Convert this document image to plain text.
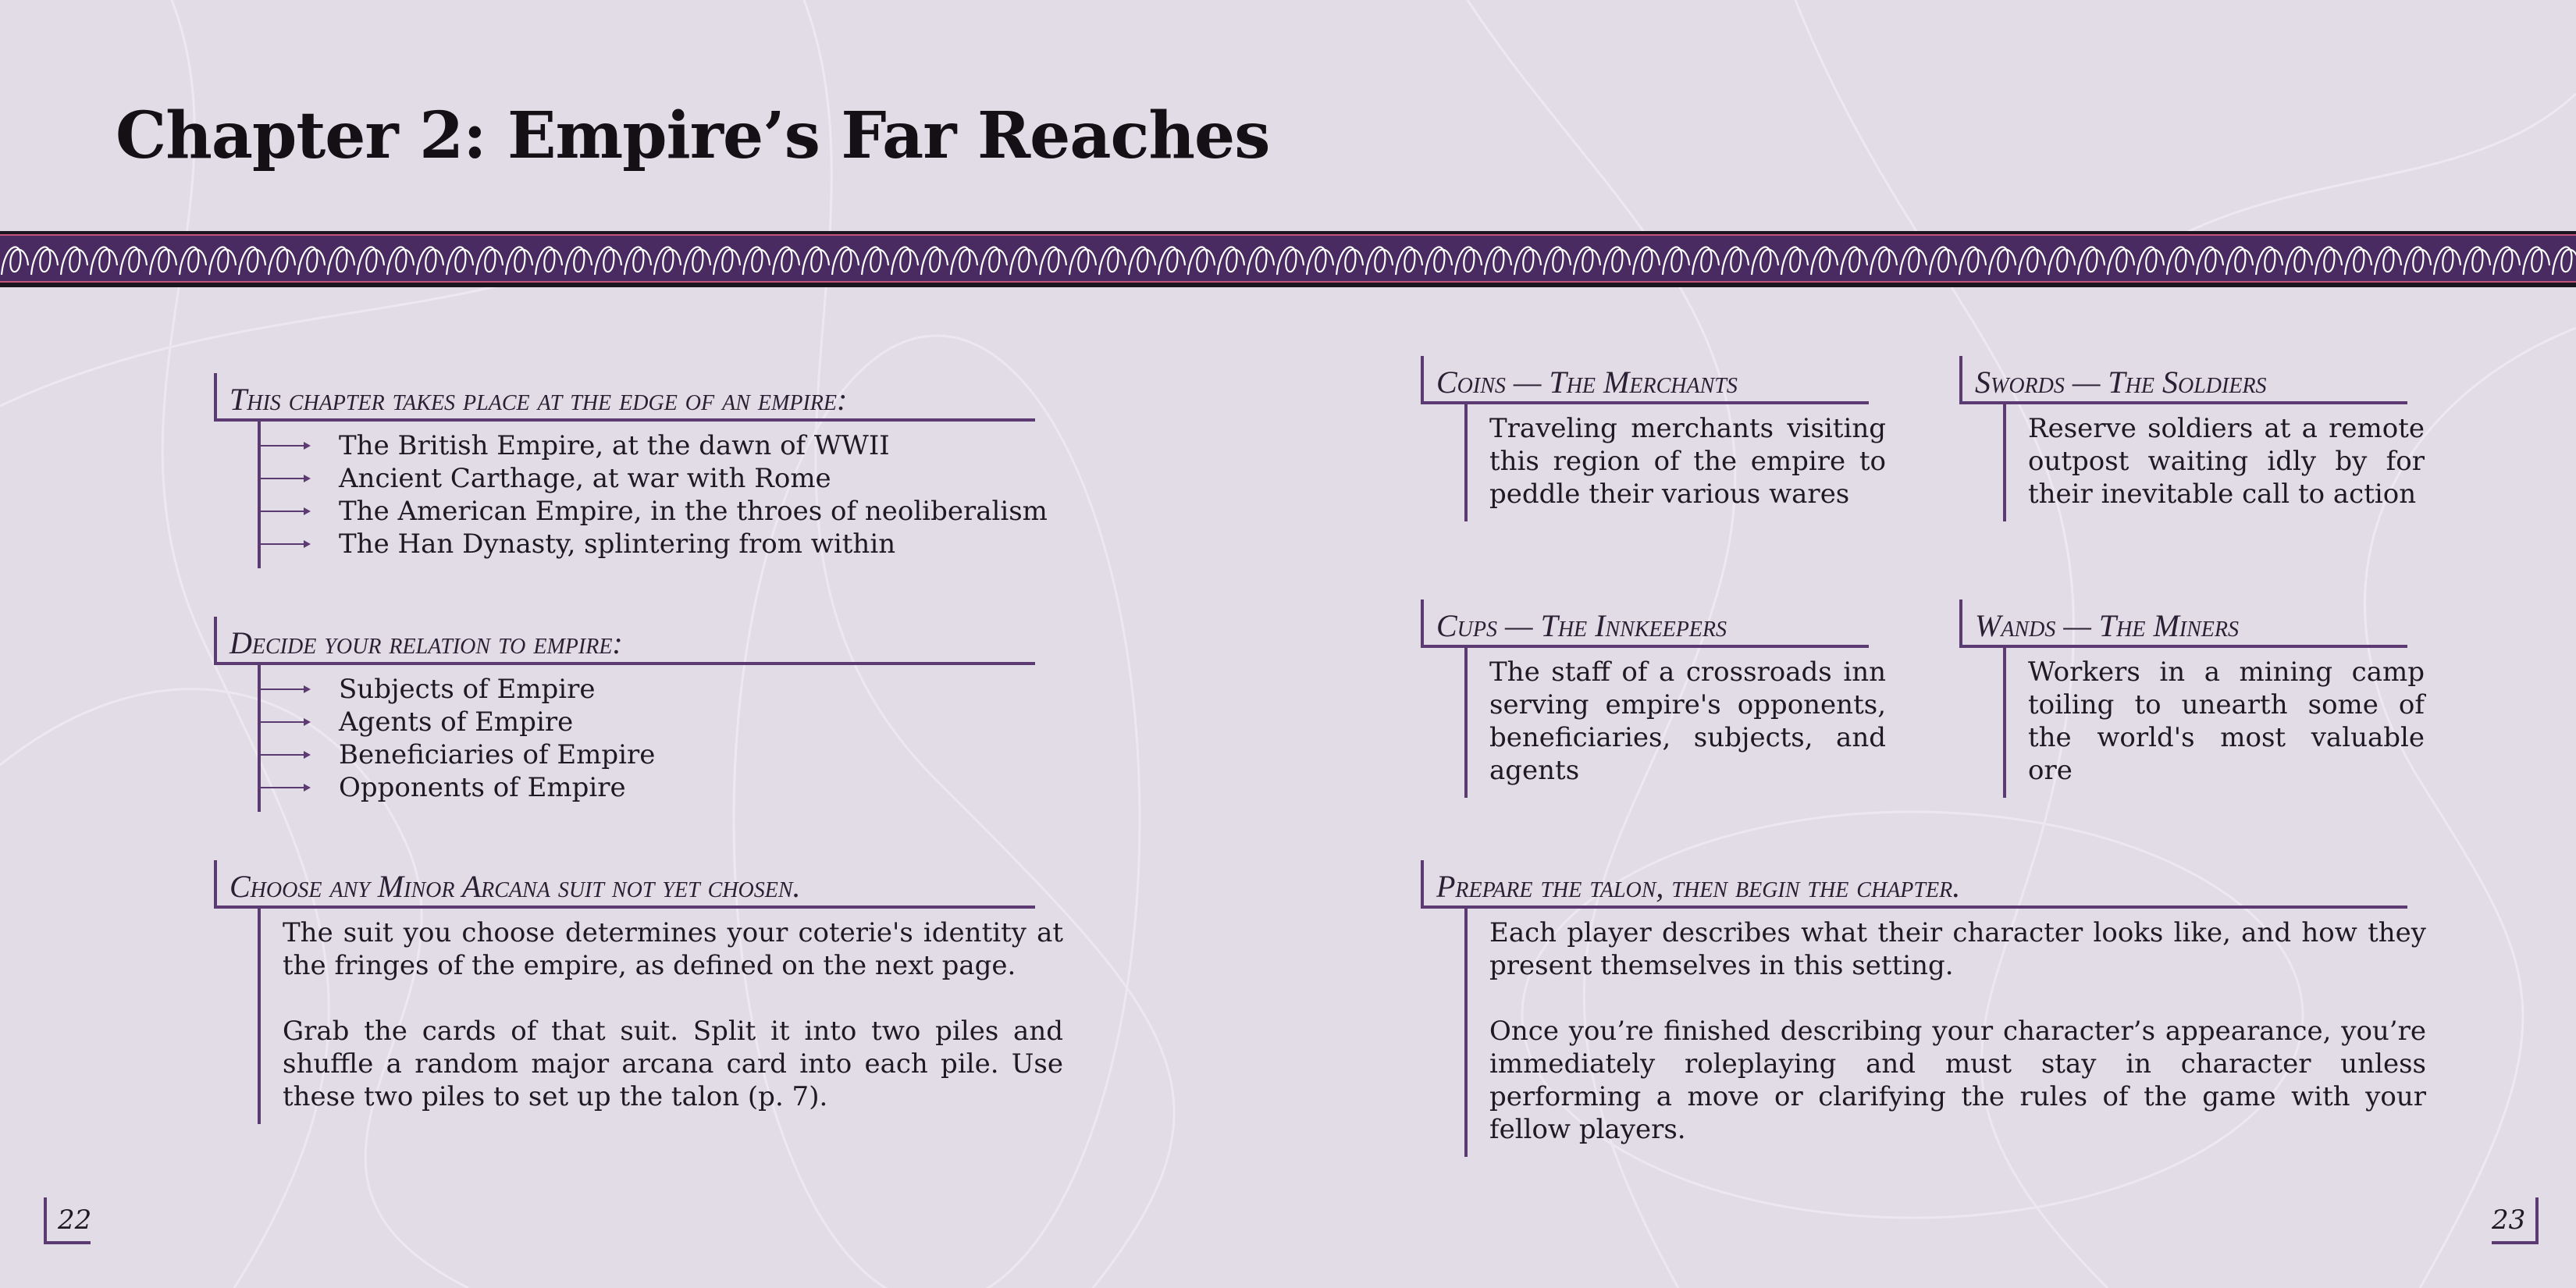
Chapter 2: Empire’s Far Reaches
This chapter takes place at the edge of an empire:
The British Empire, at the dawn of WWII
Ancient Carthage, at war with Rome
The American Empire, in the throes of neoliberalism
The Han Dynasty, splintering from within
Decide your relation to empire:
Subjects of Empire
Agents of Empire
Beneficiaries of Empire
Opponents of Empire
Choose any Minor Arcana suit not yet chosen.

The suit you choose determines your coterie's identity at the fringes of the empire, as defined on the next page.

Grab the cards of that suit. Split it into two piles and shuffle a random major arcana card into each pile. Use these two piles to set up the talon (p. 7).

Coins — The Merchants

Traveling merchants visiting this region of the empire to peddle their various wares

Swords — The Soldiers

Reserve soldiers at a remote outpost waiting idly by for their inevitable call to action

Cups — The Innkeepers

The staff of a crossroads inn serving empire's opponents, beneficiaries, subjects, and agents

Wands — The Miners

Workers in a mining camp toiling to unearth some of the world's most valuable ore

Prepare the talon, then begin the chapter.

Each player describes what their character looks like, and how they present themselves in this setting.

Once you’re finished describing your character’s appearance, you’re immediately roleplaying and must stay in character unless performing a move or clarifying the rules of the game with your fellow players.

22	23
